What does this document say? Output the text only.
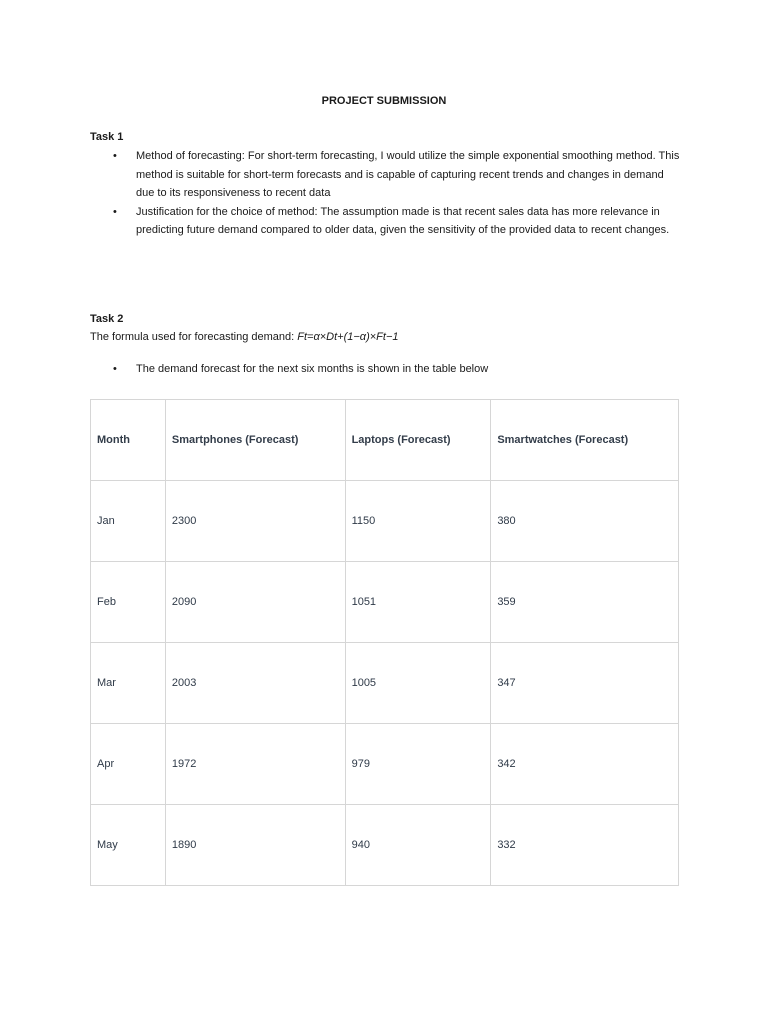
PROJECT SUBMISSION
Task 1
• Method of forecasting: For short-term forecasting, I would utilize the simple exponential smoothing method. This method is suitable for short-term forecasts and is capable of capturing recent trends and changes in demand due to its responsiveness to recent data
• Justification for the choice of method: The assumption made is that recent sales data has more relevance in predicting future demand compared to older data, given the sensitivity of the provided data to recent changes.
Task 2
The formula used for forecasting demand: Ft=α×Dt+(1−α)×Ft−1
• The demand forecast for the next six months is shown in the table below
Month	Smartphones (Forecast)	Laptops (Forecast)	Smartwatches (Forecast)
Jan	2300	1150	380
Feb	2090	1051	359
Mar	2003	1005	347
Apr	1972	979	342
May	1890	940	332
